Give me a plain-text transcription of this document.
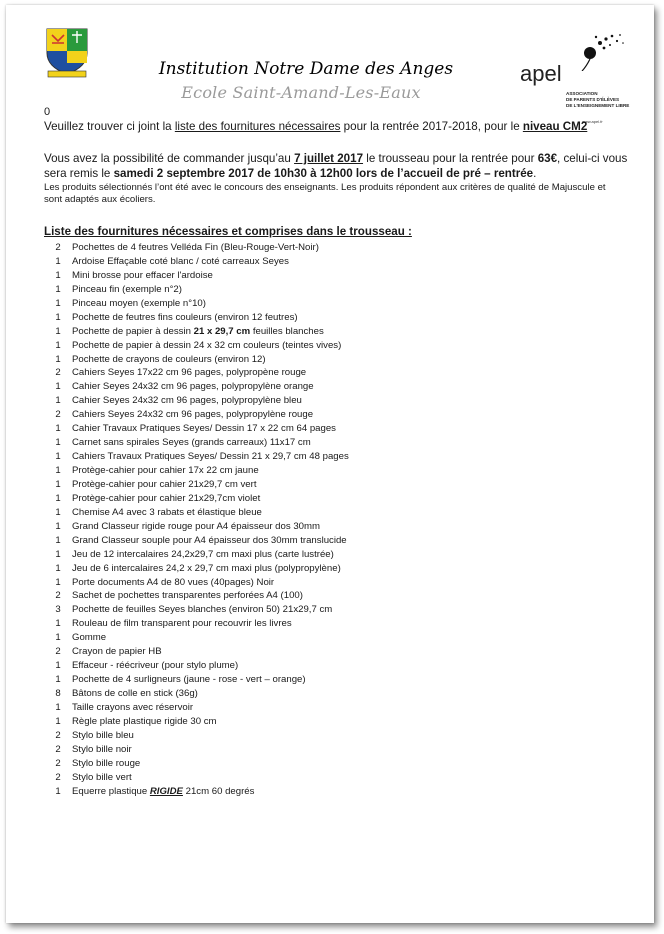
Institution Notre Dame des Anges
Ecole Saint-Amand-Les-Eaux
apel
ASSOCIATION
DE PARENTS D'ÉLÈVES
DE L'ENSEIGNEMENT LIBRE
www.apel.fr
0
Veuillez trouver ci joint la liste des fournitures nécessaires pour la rentrée 2017-2018, pour le niveau CM2
Vous avez la possibilité de commander jusqu’au 7 juillet 2017 le trousseau pour la rentrée pour 63€, celui-ci vous sera remis le samedi 2 septembre 2017 de 10h30 à 12h00 lors de l’accueil de pré – rentrée.
Les produits sélectionnés l’ont été avec le concours des enseignants. Les produits répondent aux critères de qualité de Majuscule et sont adaptés aux écoliers.
Liste des fournitures nécessaires et comprises dans le trousseau :
2 Pochettes de 4 feutres Velléda Fin (Bleu-Rouge-Vert-Noir)
1 Ardoise Effaçable coté blanc / coté carreaux Seyes
1 Mini brosse pour effacer l'ardoise
1 Pinceau fin (exemple n°2)
1 Pinceau moyen (exemple n°10)
1 Pochette de feutres fins couleurs (environ 12 feutres)
1 Pochette de papier à dessin 21 x 29,7 cm feuilles blanches
1 Pochette de papier à dessin 24 x 32 cm couleurs (teintes vives)
1 Pochette de crayons de couleurs (environ 12)
2 Cahiers Seyes 17x22 cm 96 pages, polypropène rouge
1 Cahier Seyes 24x32 cm 96 pages, polypropylène orange
1 Cahier Seyes 24x32 cm 96 pages, polypropylène bleu
2 Cahiers Seyes 24x32 cm 96 pages, polypropylène rouge
1 Cahier Travaux Pratiques Seyes/ Dessin 17 x 22 cm 64 pages
1 Carnet sans spirales Seyes (grands carreaux) 11x17 cm
1 Cahiers Travaux Pratiques Seyes/ Dessin 21 x 29,7 cm 48 pages
1 Protège-cahier pour cahier 17x 22 cm jaune
1 Protège-cahier pour cahier 21x29,7 cm vert
1 Protège-cahier pour cahier 21x29,7cm violet
1 Chemise A4 avec 3 rabats et élastique bleue
1 Grand Classeur rigide rouge pour A4 épaisseur dos 30mm
1 Grand Classeur souple pour A4 épaisseur dos 30mm translucide
1 Jeu de 12 intercalaires 24,2x29,7 cm maxi plus (carte lustrée)
1 Jeu de 6 intercalaires 24,2 x 29,7 cm maxi plus (polypropylène)
1 Porte documents A4 de 80 vues (40pages) Noir
2 Sachet de pochettes transparentes perforées A4 (100)
3 Pochette de feuilles Seyes blanches (environ 50) 21x29,7 cm
1 Rouleau de film transparent pour recouvrir les livres
1 Gomme
2 Crayon de papier HB
1 Effaceur - réécriveur (pour stylo plume)
1 Pochette de 4 surligneurs (jaune - rose - vert – orange)
8 Bâtons de colle en stick (36g)
1 Taille crayons avec réservoir
1 Règle plate plastique rigide 30 cm
2 Stylo bille bleu
2 Stylo bille noir
2 Stylo bille rouge
2 Stylo bille vert
1 Equerre plastique RIGIDE 21cm 60 degrés
